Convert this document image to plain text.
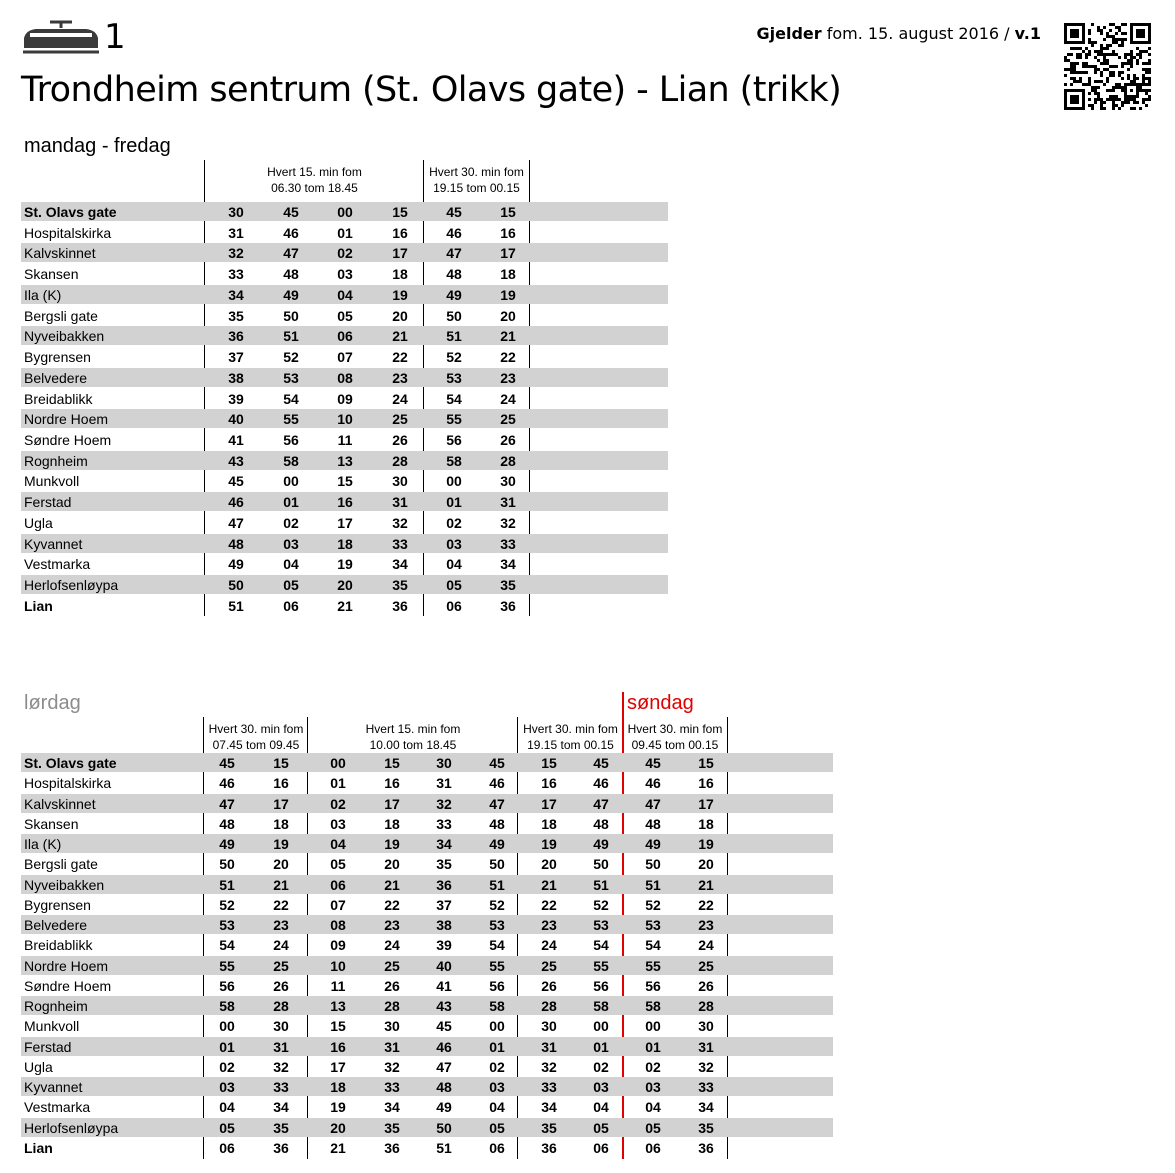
1
Trondheim sentrum (St. Olavs gate) - Lian (trikk)
Gjelder fom. 15. august 2016 / v.1
mandag - fredag
lørdag	søndag
Hvert 15. min fom
06.30 tom 18.45
Hvert 30. min fom
19.15 tom 00.15
St. Olavs gate	30	45	00	15	45	15
Hospitalskirka	31	46	01	16	46	16
Kalvskinnet	32	47	02	17	47	17
Skansen	33	48	03	18	48	18
Ila (K)	34	49	04	19	49	19
Bergsli gate	35	50	05	20	50	20
Nyveibakken	36	51	06	21	51	21
Bygrensen	37	52	07	22	52	22
Belvedere	38	53	08	23	53	23
Breidablikk	39	54	09	24	54	24
Nordre Hoem	40	55	10	25	55	25
Søndre Hoem	41	56	11	26	56	26
Rognheim	43	58	13	28	58	28
Munkvoll	45	00	15	30	00	30
Ferstad	46	01	16	31	01	31
Ugla	47	02	17	32	02	32
Kyvannet	48	03	18	33	03	33
Vestmarka	49	04	19	34	04	34
Herlofsenløypa	50	05	20	35	05	35
Lian	51	06	21	36	06	36
Hvert 30. min fom
07.45 tom 09.45
Hvert 15. min fom
10.00 tom 18.45
Hvert 30. min fom
19.15 tom 00.15
Hvert 30. min fom
09.45 tom 00.15
St. Olavs gate	45	15	00	15	30	45	15	45	45	15
Hospitalskirka	46	16	01	16	31	46	16	46	46	16
Kalvskinnet	47	17	02	17	32	47	17	47	47	17
Skansen	48	18	03	18	33	48	18	48	48	18
Ila (K)	49	19	04	19	34	49	19	49	49	19
Bergsli gate	50	20	05	20	35	50	20	50	50	20
Nyveibakken	51	21	06	21	36	51	21	51	51	21
Bygrensen	52	22	07	22	37	52	22	52	52	22
Belvedere	53	23	08	23	38	53	23	53	53	23
Breidablikk	54	24	09	24	39	54	24	54	54	24
Nordre Hoem	55	25	10	25	40	55	25	55	55	25
Søndre Hoem	56	26	11	26	41	56	26	56	56	26
Rognheim	58	28	13	28	43	58	28	58	58	28
Munkvoll	00	30	15	30	45	00	30	00	00	30
Ferstad	01	31	16	31	46	01	31	01	01	31
Ugla	02	32	17	32	47	02	32	02	02	32
Kyvannet	03	33	18	33	48	03	33	03	03	33
Vestmarka	04	34	19	34	49	04	34	04	04	34
Herlofsenløypa	05	35	20	35	50	05	35	05	05	35
Lian	06	36	21	36	51	06	36	06	06	36
